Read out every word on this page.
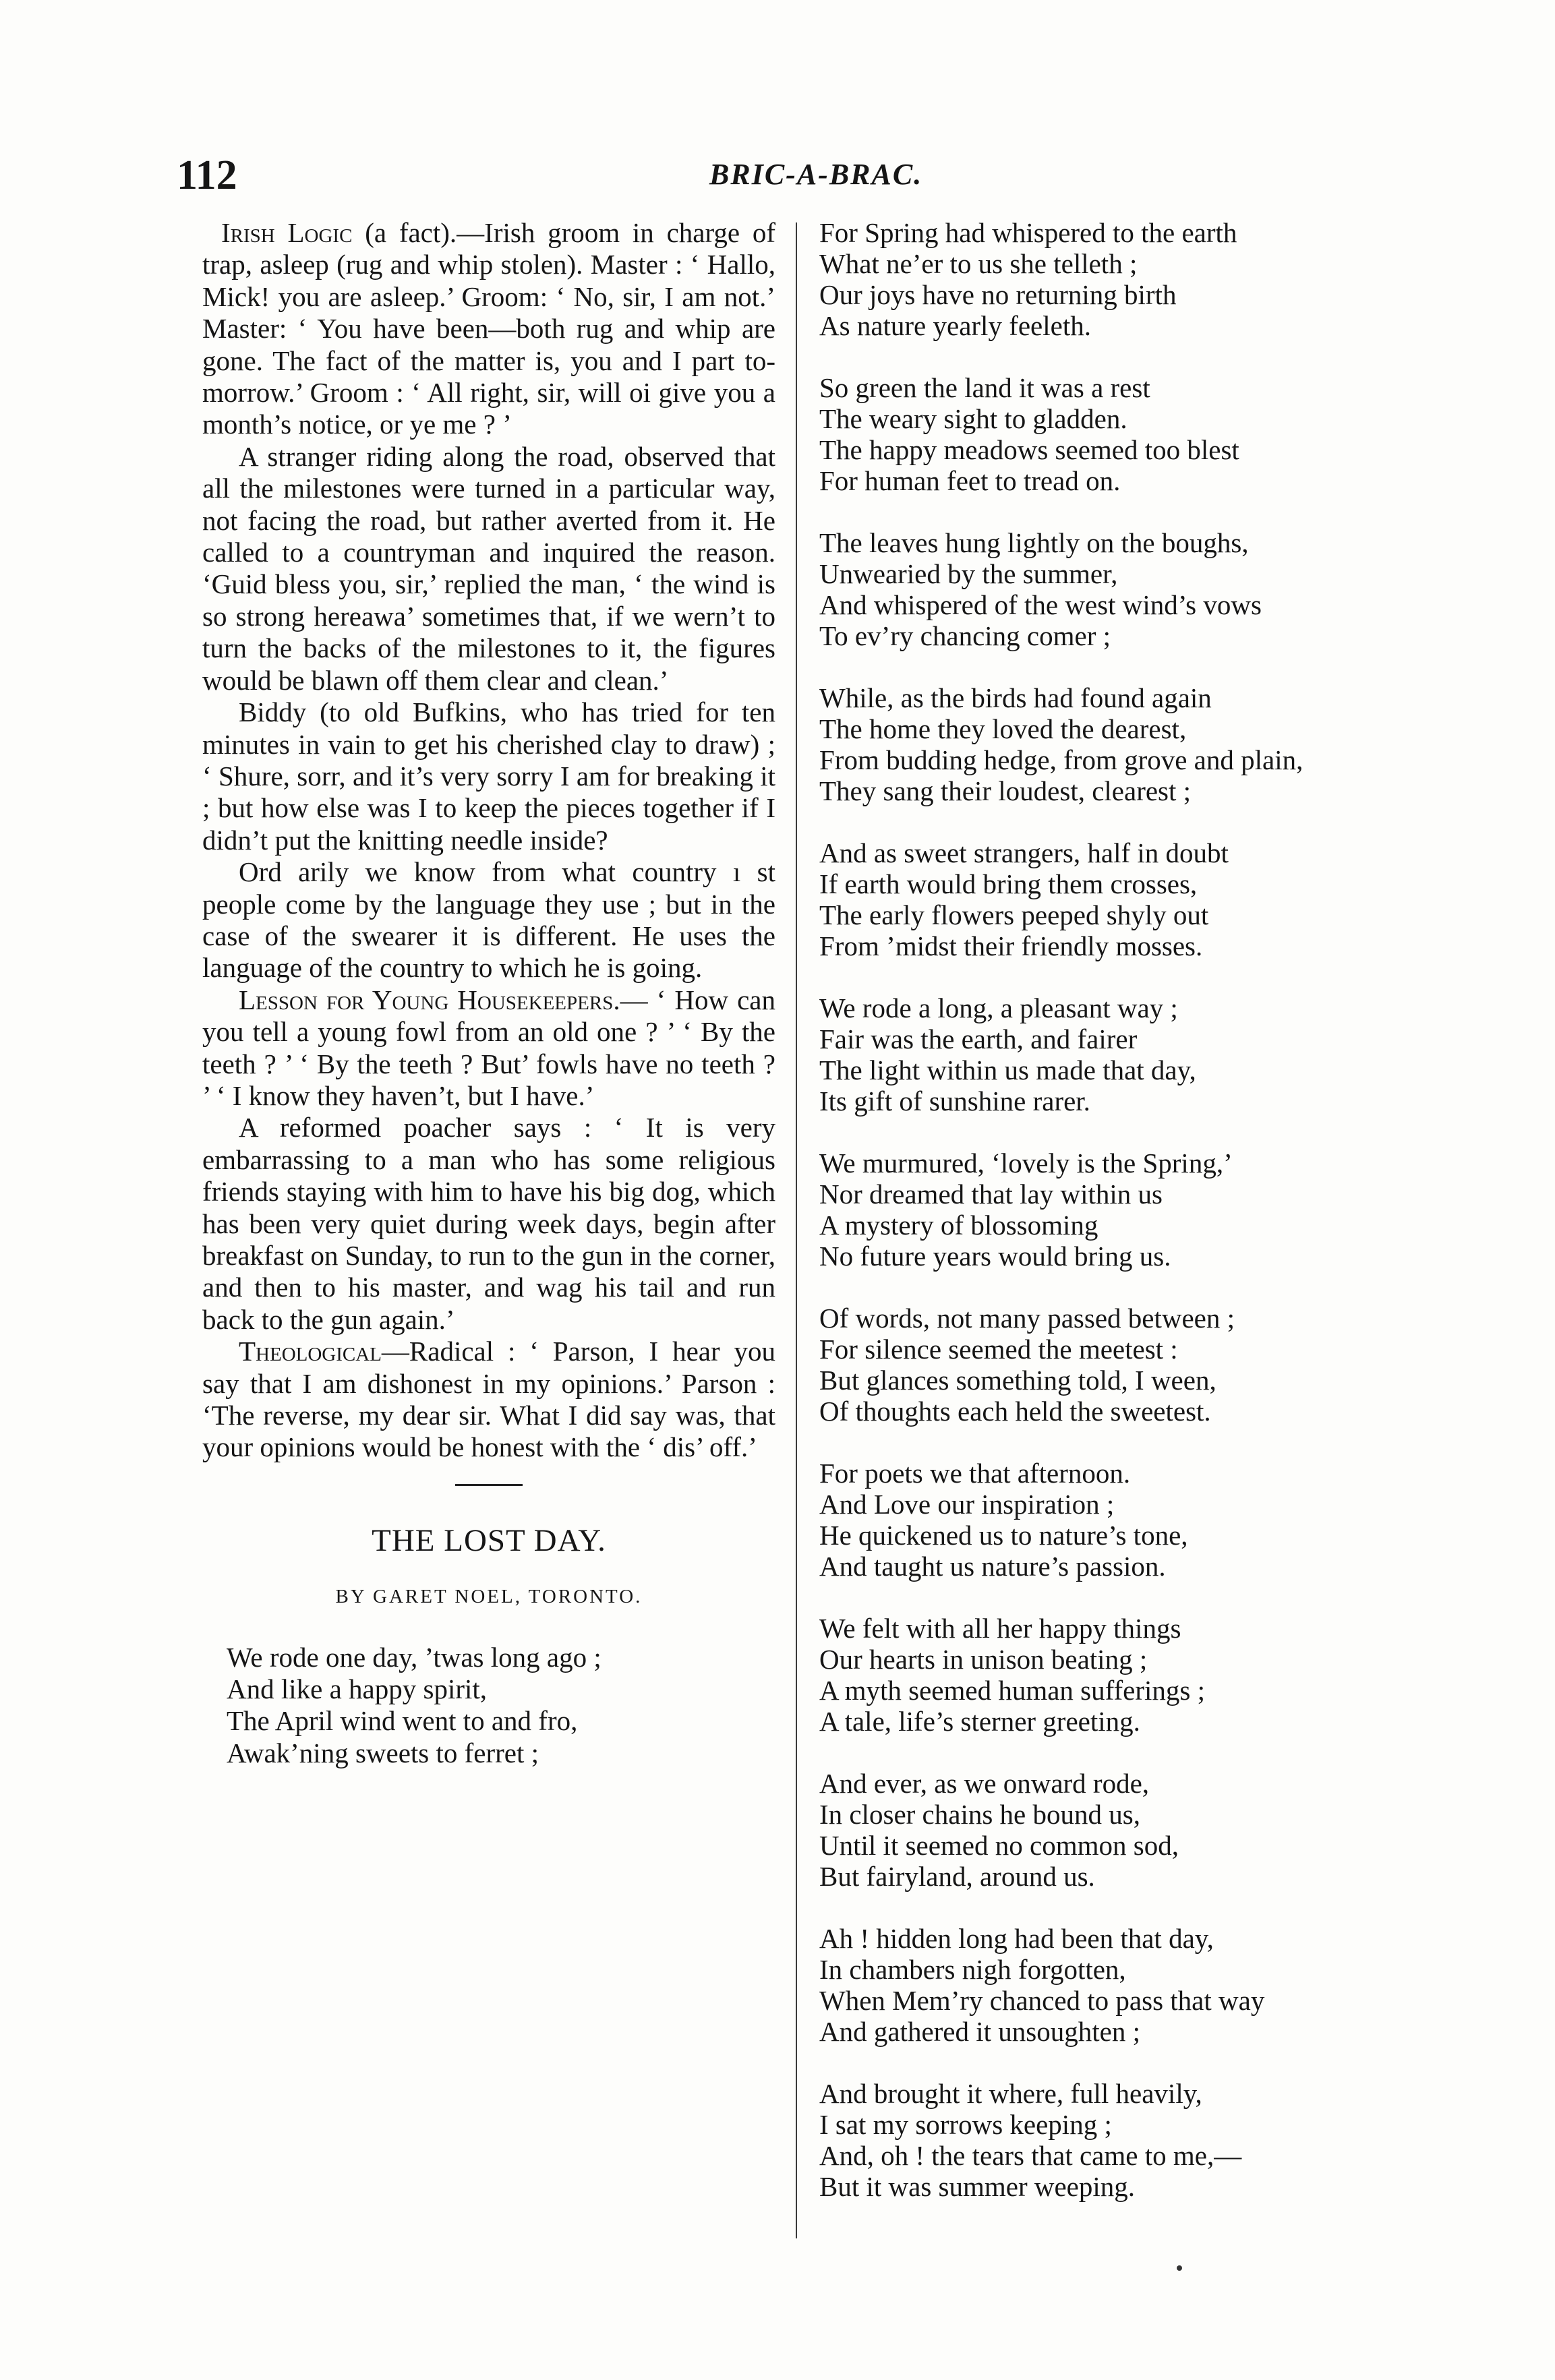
112	BRIC-A-BRAC.

Irish Logic (a fact).—Irish groom in charge of trap, asleep (rug and whip stolen). Master : ‘ Hallo, Mick! you are asleep.’ Groom: ‘ No, sir, I am not.’ Master: ‘ You have been—both rug and whip are gone. The fact of the matter is, you and I part to-morrow.’ Groom : ‘ All right, sir, will oi give you a month’s notice, or ye me ? ’

A stranger riding along the road, observed that all the milestones were turned in a particular way, not facing the road, but rather averted from it. He called to a countryman and inquired the reason. ‘Guid bless you, sir,’ replied the man, ‘ the wind is so strong hereawa’ sometimes that, if we wern’t to turn the backs of the milestones to it, the figures would be blawn off them clear and clean.’

Biddy (to old Bufkins, who has tried for ten minutes in vain to get his cherished clay to draw) ; ‘ Shure, sorr, and it’s very sorry I am for breaking it ; but how else was I to keep the pieces together if I didn’t put the knitting needle inside?

Ord arily we know from what country ı st people come by the language they use ; but in the case of the swearer it is different. He uses the language of the country to which he is going.

Lesson for Young Housekeepers.— ‘ How can you tell a young fowl from an old one ? ’ ‘ By the teeth ? ’ ‘ By the teeth ? But’ fowls have no teeth ? ’ ‘ I know they haven’t, but I have.’

A reformed poacher says : ‘ It is very embarrassing to a man who has some religious friends staying with him to have his big dog, which has been very quiet during week days, begin after breakfast on Sunday, to run to the gun in the corner, and then to his master, and wag his tail and run back to the gun again.’

Theological—Radical : ‘ Parson, I hear you say that I am dishonest in my opinions.’ Parson : ‘The reverse, my dear sir. What I did say was, that your opinions would be honest with the ‘ dis’ off.’

THE LOST DAY.
BY GARET NOEL, TORONTO.
We rode one day, ’twas long ago ;
And like a happy spirit,
The April wind went to and fro,
Awak’ning sweets to ferret ;
For Spring had whispered to the earth
What ne’er to us she telleth ;
Our joys have no returning birth
As nature yearly feeleth.
So green the land it was a rest
The weary sight to gladden.
The happy meadows seemed too blest
For human feet to tread on.
The leaves hung lightly on the boughs,
Unwearied by the summer,
And whispered of the west wind’s vows
To ev’ry chancing comer ;
While, as the birds had found again
The home they loved the dearest,
From budding hedge, from grove and plain,
They sang their loudest, clearest ;
And as sweet strangers, half in doubt
If earth would bring them crosses,
The early flowers peeped shyly out
From ’midst their friendly mosses.
We rode a long, a pleasant way ;
Fair was the earth, and fairer
The light within us made that day,
Its gift of sunshine rarer.
We murmured, ‘lovely is the Spring,’
Nor dreamed that lay within us
A mystery of blossoming
No future years would bring us.
Of words, not many passed between ;
For silence seemed the meetest :
But glances something told, I ween,
Of thoughts each held the sweetest.
For poets we that afternoon.
And Love our inspiration ;
He quickened us to nature’s tone,
And taught us nature’s passion.
We felt with all her happy things
Our hearts in unison beating ;
A myth seemed human sufferings ;
A tale, life’s sterner greeting.
And ever, as we onward rode,
In closer chains he bound us,
Until it seemed no common sod,
But fairyland, around us.
Ah ! hidden long had been that day,
In chambers nigh forgotten,
When Mem’ry chanced to pass that way
And gathered it unsoughten ;
And brought it where, full heavily,
I sat my sorrows keeping ;
And, oh ! the tears that came to me,—
But it was summer weeping.
